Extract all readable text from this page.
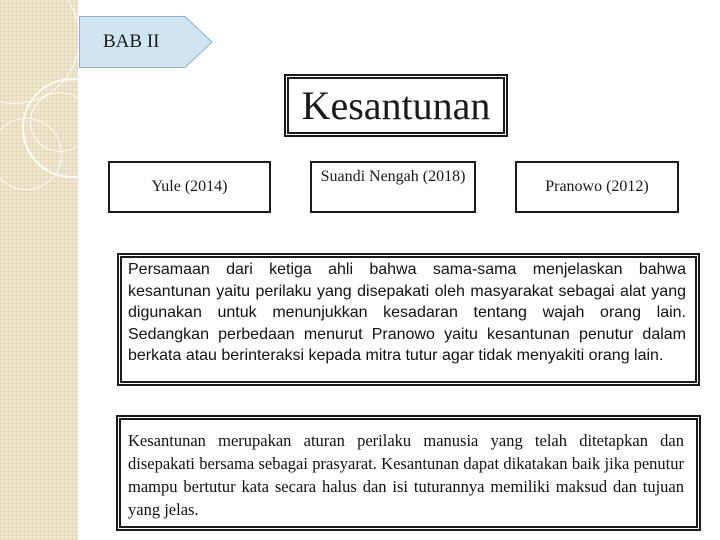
BAB II
Kesantunan
Yule (2014)
Suandi Nengah (2018)
Pranowo (2012)
Persamaan dari ketiga ahli bahwa sama-sama menjelaskan bahwa kesantunan yaitu perilaku yang disepakati oleh masyarakat sebagai alat yang digunakan untuk menunjukkan kesadaran tentang wajah orang lain. Sedangkan perbedaan menurut Pranowo yaitu kesantunan penutur dalam berkata atau berinteraksi kepada mitra tutur agar tidak menyakiti orang lain.
Kesantunan merupakan aturan perilaku manusia yang telah ditetapkan dan disepakati bersama sebagai prasyarat. Kesantunan dapat dikatakan baik jika penutur mampu bertutur kata secara halus dan isi tuturannya memiliki maksud dan tujuan yang jelas.
